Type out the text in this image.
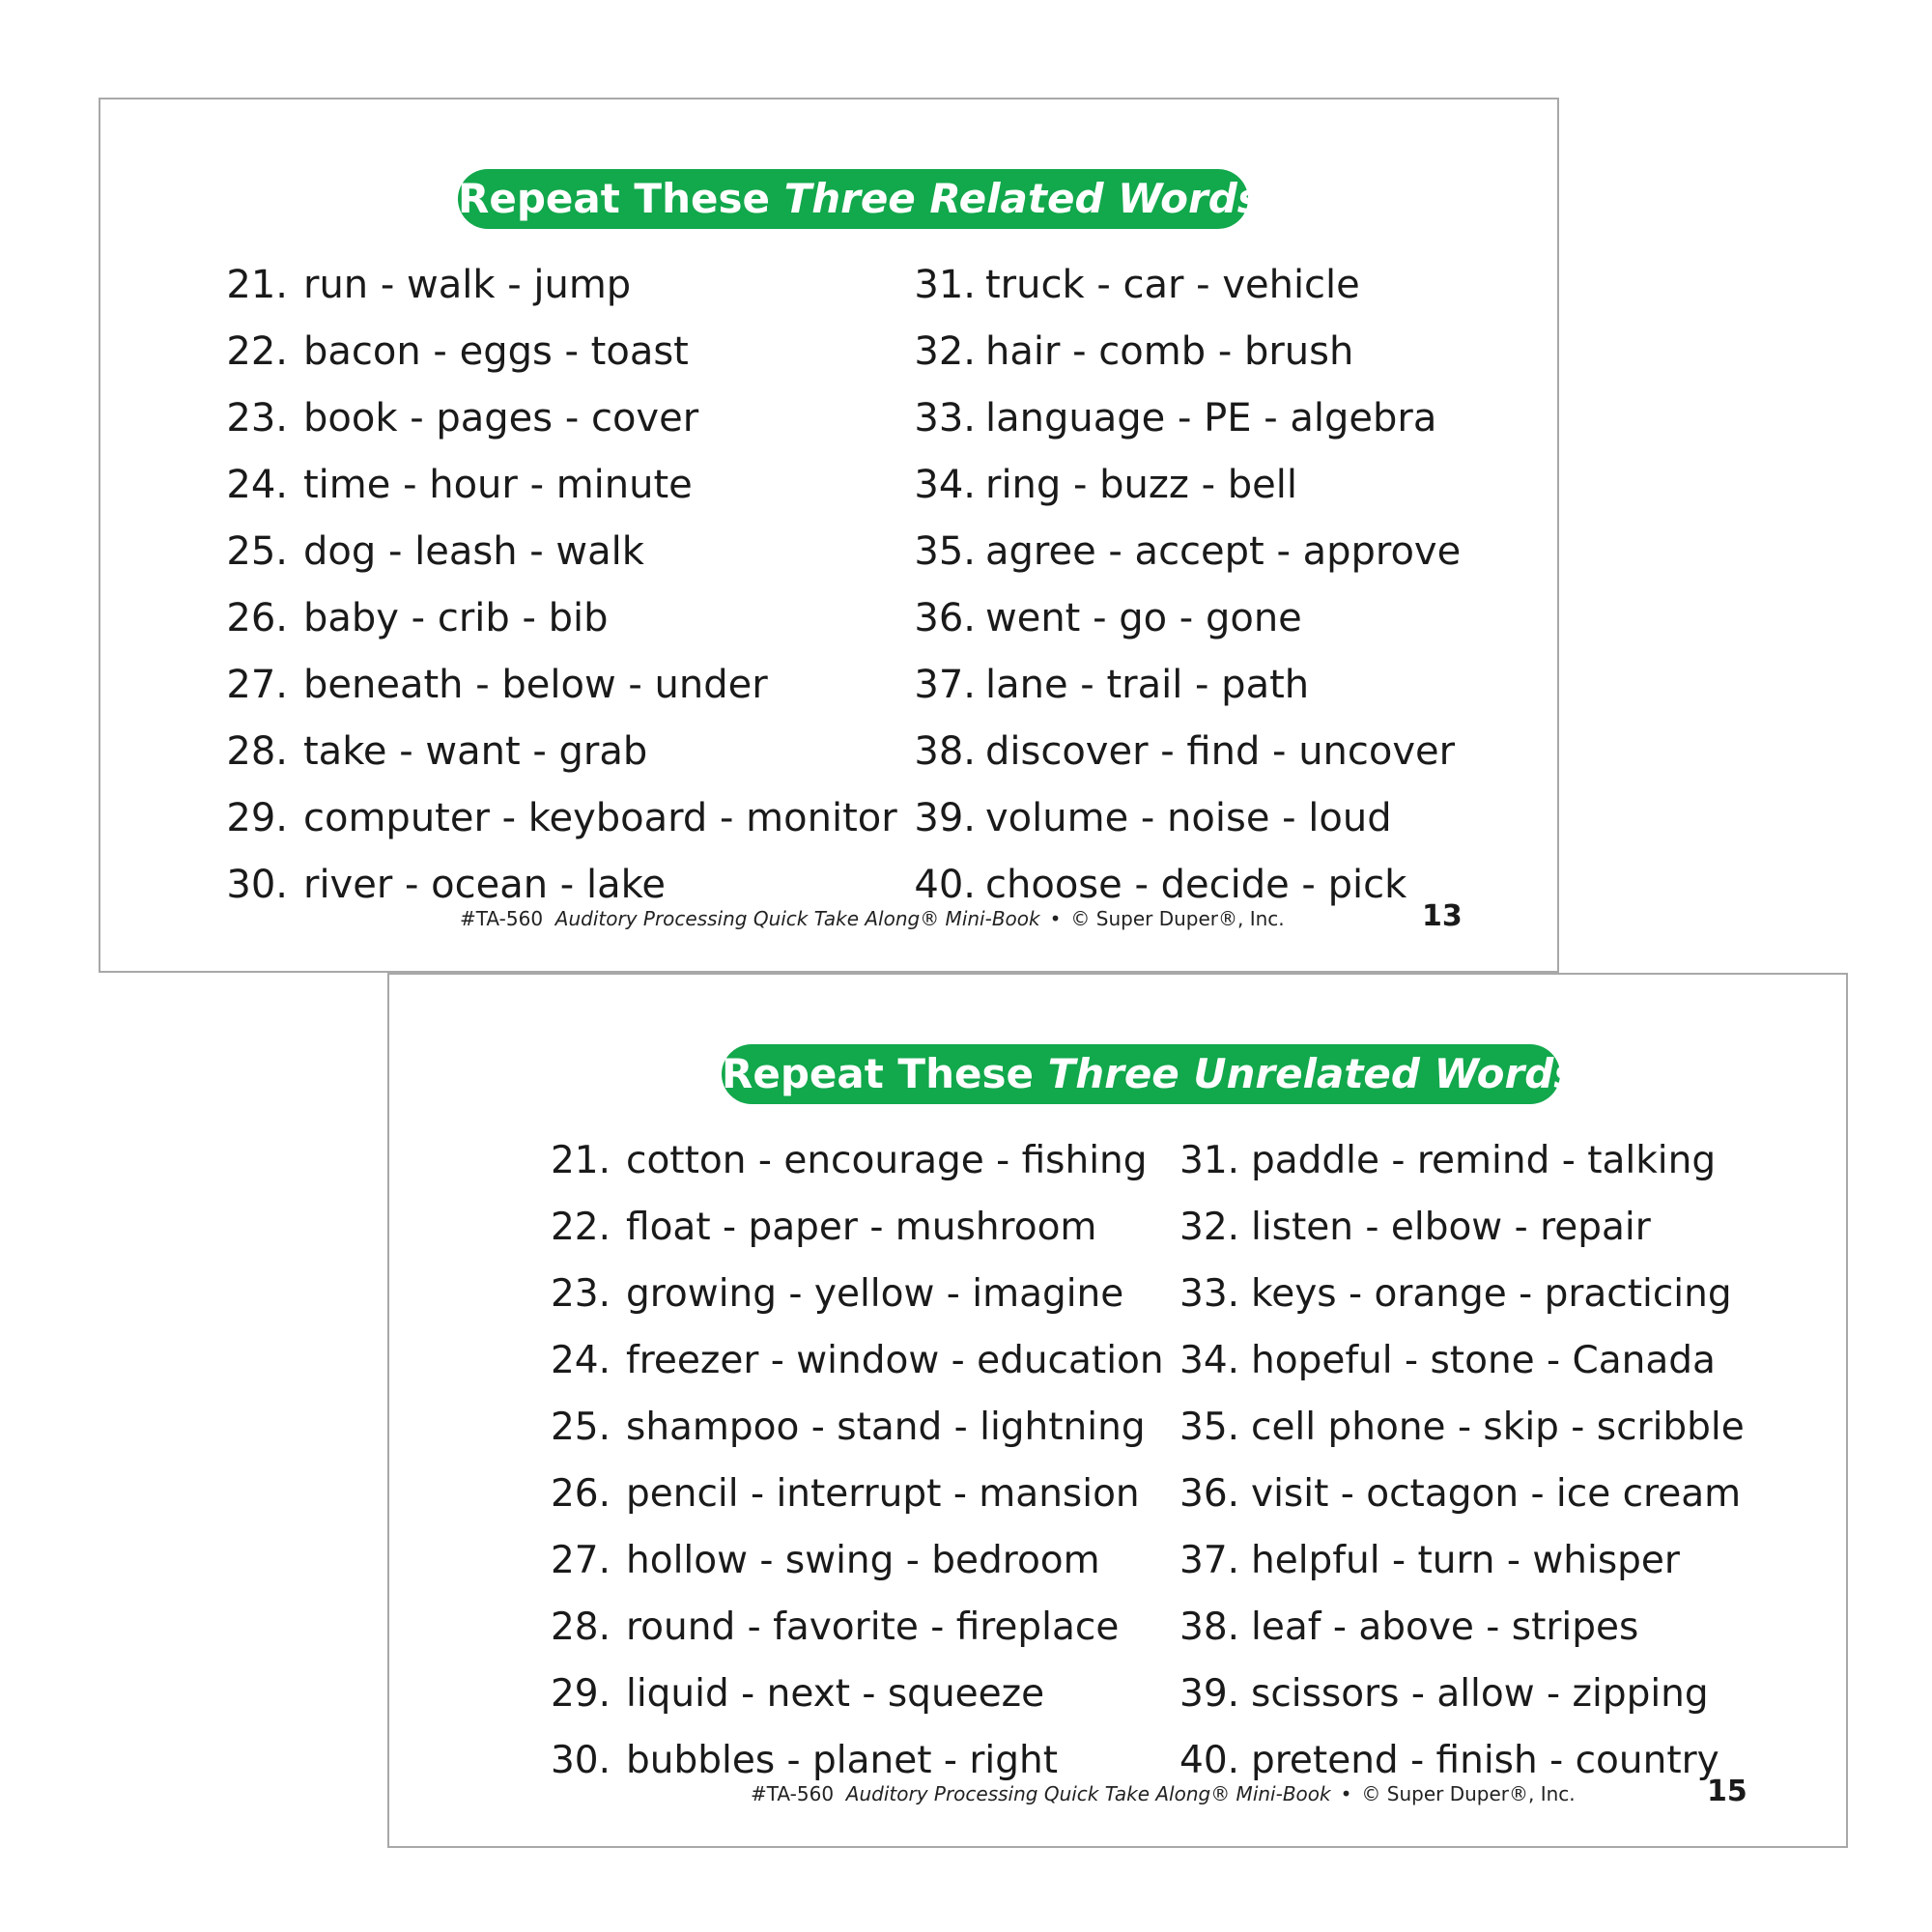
Repeat These Three Related Words
21. run - walk - jump
22. bacon - eggs - toast
23. book - pages - cover
24. time - hour - minute
25. dog - leash - walk
26. baby - crib - bib
27. beneath - below - under
28. take - want - grab
29. computer - keyboard - monitor
30. river - ocean - lake
31. truck - car - vehicle
32. hair - comb - brush
33. language - PE - algebra
34. ring - buzz - bell
35. agree - accept - approve
36. went - go - gone
37. lane - trail - path
38. discover - find - uncover
39. volume - noise - loud
40. choose - decide - pick
#TA-560 Auditory Processing Quick Take Along® Mini-Book • © Super Duper®, Inc.	13
Repeat These Three Unrelated Words
21. cotton - encourage - fishing
22. float - paper - mushroom
23. growing - yellow - imagine
24. freezer - window - education
25. shampoo - stand - lightning
26. pencil - interrupt - mansion
27. hollow - swing - bedroom
28. round - favorite - fireplace
29. liquid - next - squeeze
30. bubbles - planet - right
31. paddle - remind - talking
32. listen - elbow - repair
33. keys - orange - practicing
34. hopeful - stone - Canada
35. cell phone - skip - scribble
36. visit - octagon - ice cream
37. helpful - turn - whisper
38. leaf - above - stripes
39. scissors - allow - zipping
40. pretend - finish - country
#TA-560 Auditory Processing Quick Take Along® Mini-Book • © Super Duper®, Inc.	15
